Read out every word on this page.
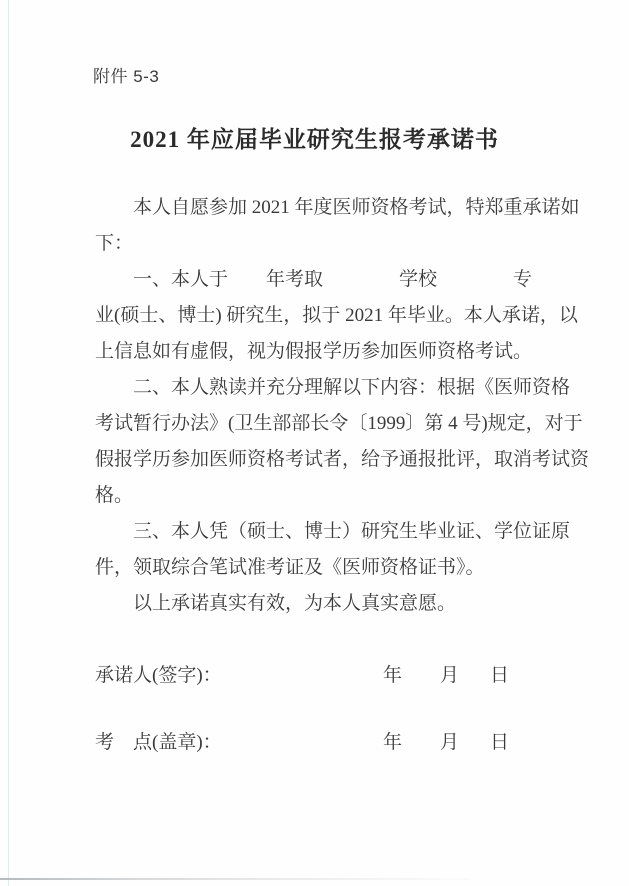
附件 5-3
2021 年应届毕业研究生报考承诺书
　　本人自愿参加 2021 年度医师资格考试，特郑重承诺如
下：
　　一、本人于　　年考取　　　　学校　　　　专
业(硕士、博士) 研究生，拟于 2021 年毕业。本人承诺，以
上信息如有虚假，视为假报学历参加医师资格考试。
　　二、本人熟读并充分理解以下内容：根据《医师资格
考试暂行办法》(卫生部部长令〔1999〕第 4 号)规定，对于
假报学历参加医师资格考试者，给予通报批评，取消考试资
格。
　　三、本人凭（硕士、博士）研究生毕业证、学位证原
件，领取综合笔试准考证及《医师资格证书》。
　　以上承诺真实有效，为本人真实意愿。
承诺人(签字)：	年 月 日
考　点(盖章)：	年 月 日
